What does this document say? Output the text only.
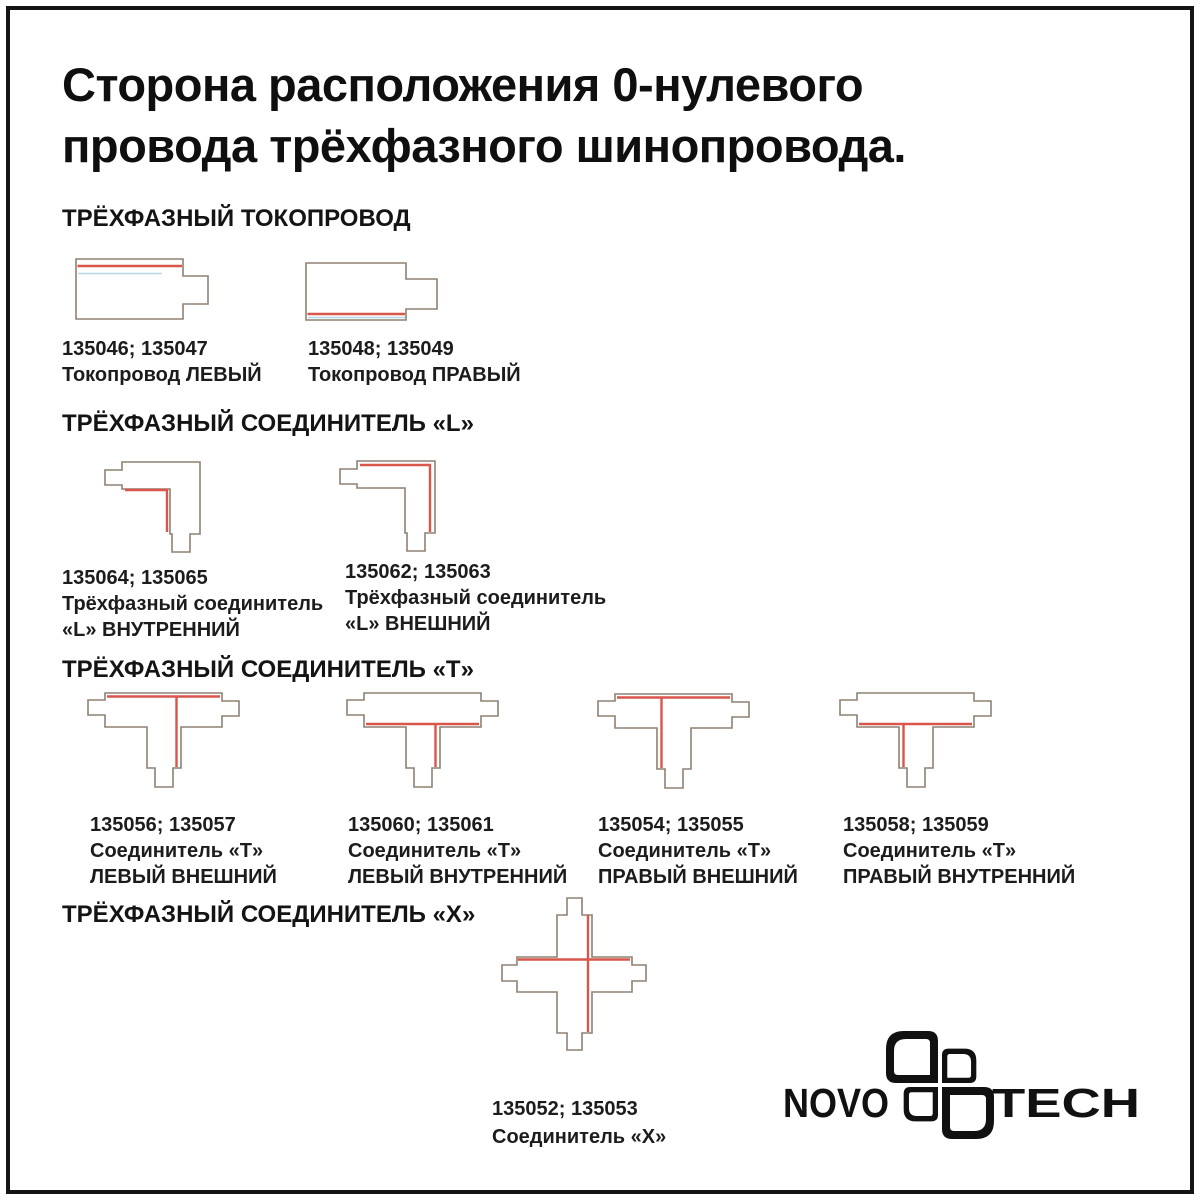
Сторона расположения 0-нулевого
провода трёхфазного шинопровода.
ТРЁХФАЗНЫЙ ТОКОПРОВОД
135046; 135047
Токопровод ЛЕВЫЙ
135048; 135049
Токопровод ПРАВЫЙ
ТРЁХФАЗНЫЙ СОЕДИНИТЕЛЬ «L»
135064; 135065
Трёхфазный соединитель
«L» ВНУТРЕННИЙ
135062; 135063
Трёхфазный соединитель
«L» ВНЕШНИЙ
ТРЁХФАЗНЫЙ СОЕДИНИТЕЛЬ «Т»
135056; 135057
Соединитель «Т»
ЛЕВЫЙ ВНЕШНИЙ
135060; 135061
Соединитель «Т»
ЛЕВЫЙ ВНУТРЕННИЙ
135054; 135055
Соединитель «Т»
ПРАВЫЙ ВНЕШНИЙ
135058; 135059
Соединитель «Т»
ПРАВЫЙ ВНУТРЕННИЙ
ТРЁХФАЗНЫЙ СОЕДИНИТЕЛЬ «Х»
135052; 135053
Соединитель «Х»
NOVO	TECH
